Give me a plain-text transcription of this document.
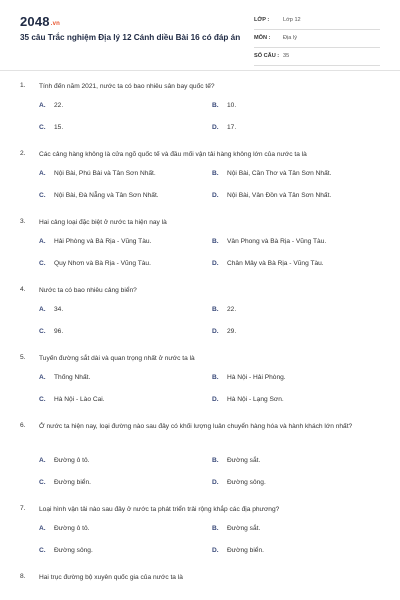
2048.vn
35 câu Trắc nghiệm Địa lý 12 Cánh diều Bài 16 có đáp án
LỚP : Lớp 12
MÔN : Địa lý
SỐ CÂU : 35
1. Tính đến năm 2021, nước ta có bao nhiêu sân bay quốc tế?
A. 22.	B. 10.
C. 15.	D. 17.
2. Các cảng hàng không là cửa ngõ quốc tế và đầu mối vận tải hàng không lớn của nước ta là
A. Nội Bài, Phú Bài và Tân Sơn Nhất.	B. Nội Bài, Cần Thơ và Tân Sơn Nhất.
C. Nội Bài, Đà Nẵng và Tân Sơn Nhất.	D. Nội Bài, Vân Đồn và Tân Sơn Nhất.
3. Hai cảng loại đặc biệt ở nước ta hiện nay là
A. Hải Phòng và Bà Rịa - Vũng Tàu.	B. Vân Phong và Bà Rịa - Vũng Tàu.
C. Quy Nhơn và Bà Rịa - Vũng Tàu.	D. Chân Mây và Bà Rịa - Vũng Tàu.
4. Nước ta có bao nhiêu cảng biển?
A. 34.	B. 22.
C. 96.	D. 29.
5. Tuyến đường sắt dài và quan trọng nhất ở nước ta là
A. Thống Nhất.	B. Hà Nội - Hải Phòng.
C. Hà Nội - Lào Cai.	D. Hà Nội - Lạng Sơn.
6. Ở nước ta hiện nay, loại đường nào sau đây có khối lượng luân chuyển hàng hóa và hành khách lớn nhất?
A. Đường ô tô.	B. Đường sắt.
C. Đường biển.	D. Đường sông.
7. Loại hình vận tải nào sau đây ở nước ta phát triển trải rộng khắp các địa phương?
A. Đường ô tô.	B. Đường sắt.
C. Đường sông.	D. Đường biển.
8. Hai trục đường bộ xuyên quốc gia của nước ta là
